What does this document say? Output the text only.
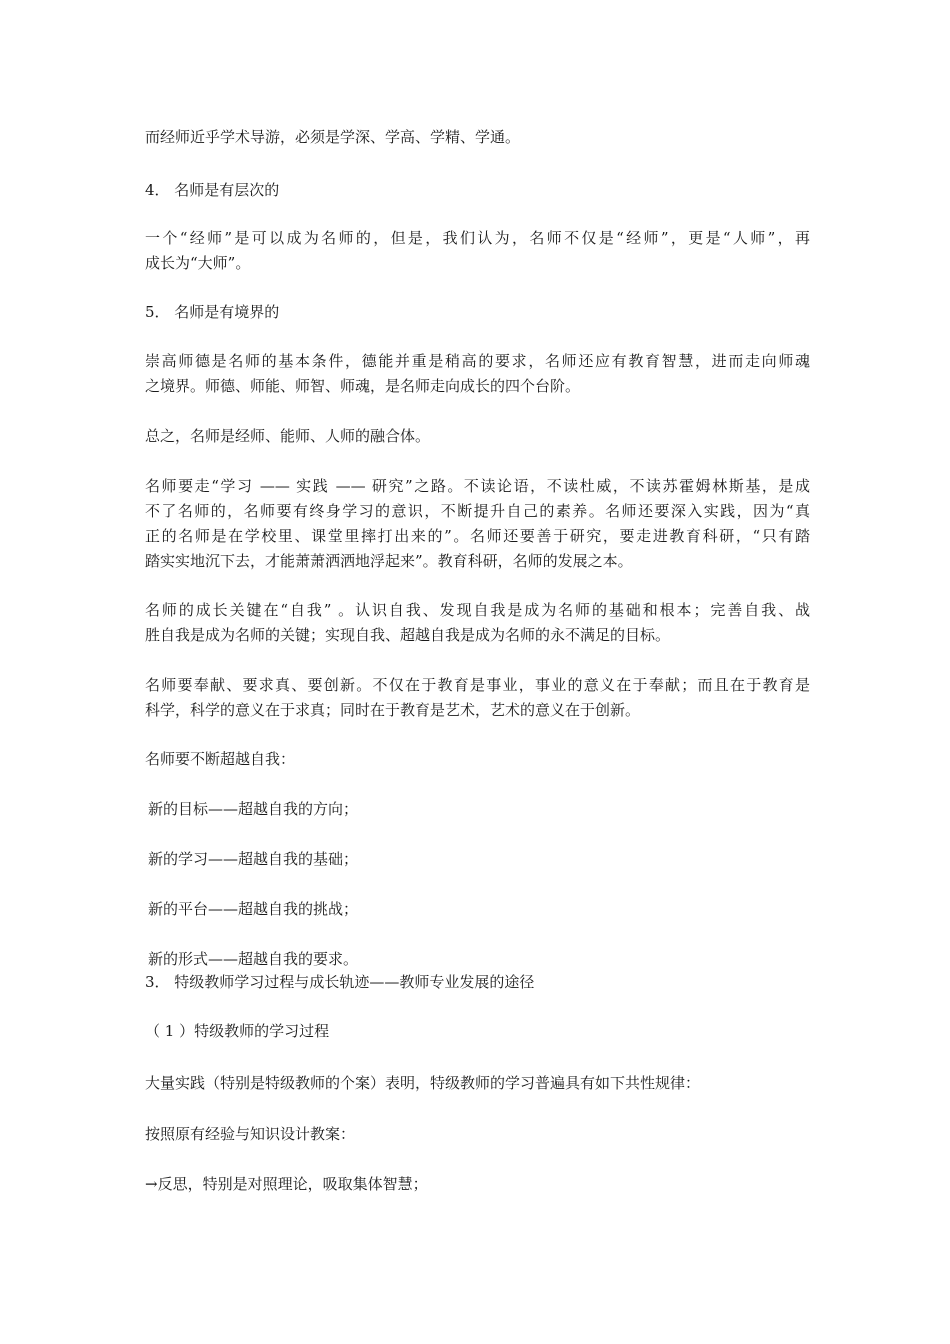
而经师近乎学术导游，必须是学深、学高、学精、学通。
4． 名师是有层次的
一个“经师”是可以成为名师的，但是，我们认为，名师不仅是“经师”，更是“人师”，再
成长为“大师”。
5． 名师是有境界的
崇高师德是名师的基本条件，德能并重是稍高的要求，名师还应有教育智慧，进而走向师魂
之境界。师德、师能、师智、师魂，是名师走向成长的四个台阶。
总之，名师是经师、能师、人师的融合体。
名师要走“学习 —— 实践 —— 研究”之路。不读论语，不读杜威，不读苏霍姆林斯基，是成
不了名师的，名师要有终身学习的意识，不断提升自己的素养。名师还要深入实践，因为“真
正的名师是在学校里、课堂里摔打出来的”。名师还要善于研究，要走进教育科研，“只有踏
踏实实地沉下去，才能萧萧洒洒地浮起来”。教育科研，名师的发展之本。
名师的成长关键在“自我” 。认识自我、发现自我是成为名师的基础和根本；完善自我、战
胜自我是成为名师的关键；实现自我、超越自我是成为名师的永不满足的目标。
名师要奉献、要求真、要创新。不仅在于教育是事业，事业的意义在于奉献；而且在于教育是
科学，科学的意义在于求真；同时在于教育是艺术，艺术的意义在于创新。
名师要不断超越自我：
新的目标——超越自我的方向；
新的学习——超越自我的基础；
新的平台——超越自我的挑战；
新的形式——超越自我的要求。
3． 特级教师学习过程与成长轨迹——教师专业发展的途径
（ 1 ）特级教师的学习过程
大量实践（特别是特级教师的个案）表明，特级教师的学习普遍具有如下共性规律：
按照原有经验与知识设计教案：
→反思，特别是对照理论，吸取集体智慧；
